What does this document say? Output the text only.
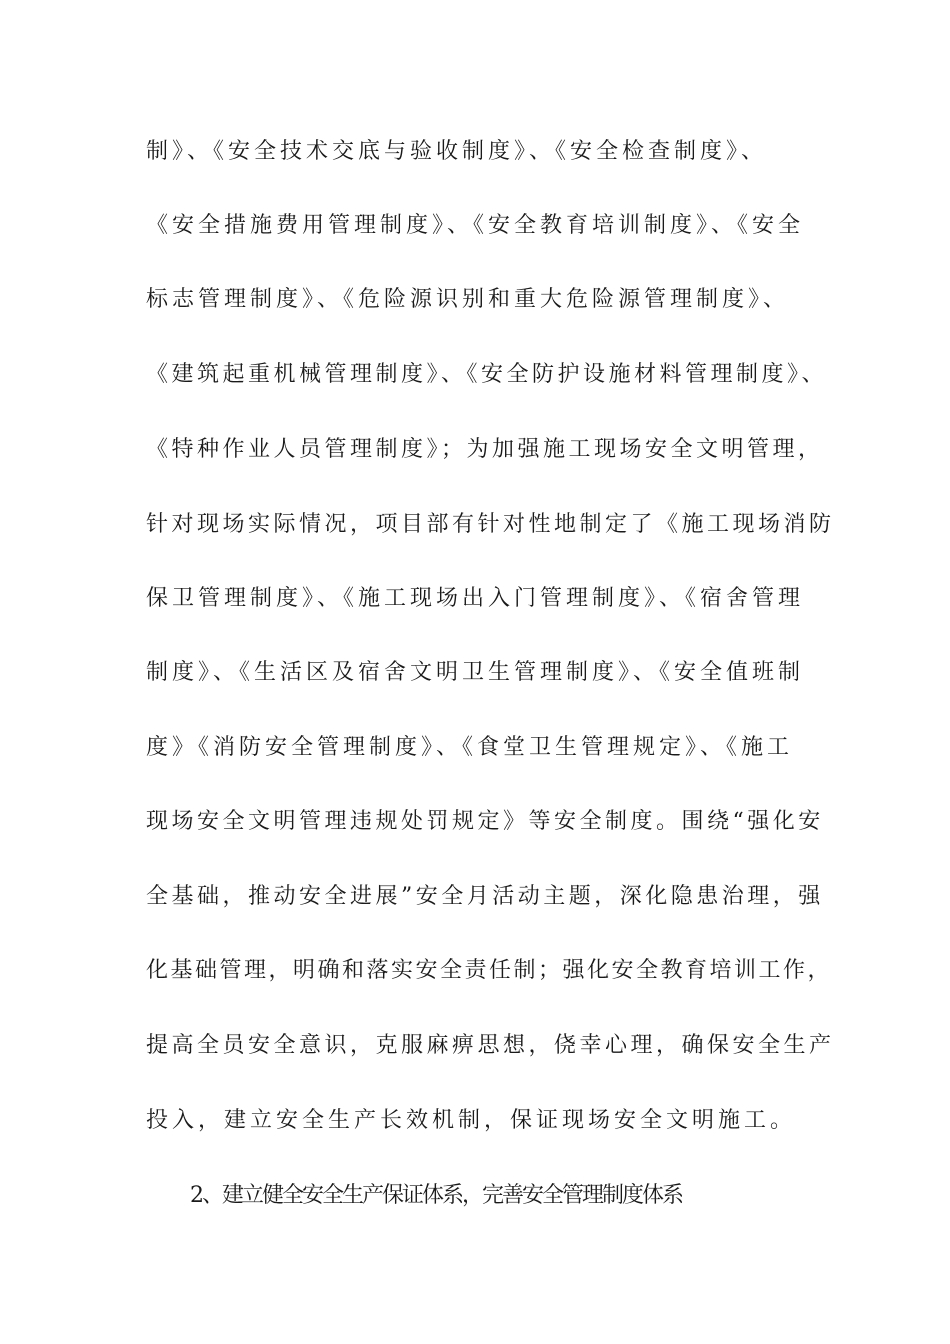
制》、《安全技术交底与验收制度》、《安全检查制度》、
《安全措施费用管理制度》、《安全教育培训制度》、《安全
标志管理制度》、《危险源识别和重大危险源管理制度》、
《建筑起重机械管理制度》、《安全防护设施材料管理制度》、
《特种作业人员管理制度》；为加强施工现场安全文明管理，
针对现场实际情况，项目部有针对性地制定了《施工现场消防
保卫管理制度》、《施工现场出入门管理制度》、《宿舍管理
制度》、《生活区及宿舍文明卫生管理制度》、《安全值班制
度》《消防安全管理制度》、《食堂卫生管理规定》、《施工
现场安全文明管理违规处罚规定》等安全制度。围绕“强化安
全基础，推动安全进展”安全月活动主题，深化隐患治理，强
化基础管理，明确和落实安全责任制；强化安全教育培训工作，
提高全员安全意识，克服麻痹思想，侥幸心理，确保安全生产
投入，建立安全生产长效机制，保证现场安全文明施工。
2、建立健全安全生产保证体系，完善安全管理制度体系
